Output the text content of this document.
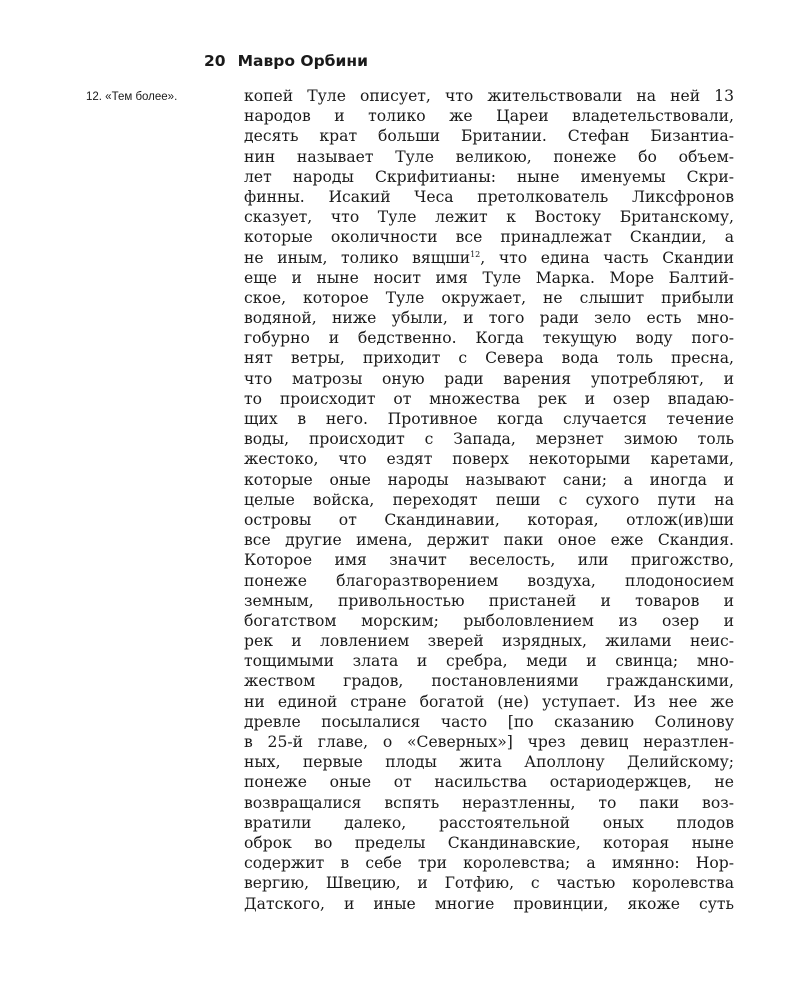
20 Мавро Орбини
12. «Тем более».	копей Туле описует, что жительствовали на ней 13
народов и толико же Цареи владетельствовали,
десять крат больши Британии. Стефан Бизантиа-
нин называет Туле великою, понеже бо объем-
лет народы Скрифитианы: ныне именуемы Скри-
финны. Исакий Чеса претолкователь Ликсфронов
сказует, что Туле лежит к Востоку Британскому,
которые околичности все принадлежат Скандии, а
не иным, толико вящши$^{12}$, что едина часть Скандии
еще и ныне носит имя Туле Марка. Море Балтий-
ское, которое Туле окружает, не слышит прибыли
водяной, ниже убыли, и того ради зело есть мно-
гобурно и бедственно. Когда текущую воду пого-
нят ветры, приходит с Севера вода толь пресна,
что матрозы оную ради варения употребляют, и
то происходит от множества рек и озер впадаю-
щих в него. Противное когда случается течение
воды, происходит с Запада, мерзнет зимою толь
жестоко, что ездят поверх некоторыми каретами,
которые оные народы называют сани; а иногда и
целые войска, переходят пеши с сухого пути на
островы от Скандинавии, которая, отлож(ив)ши
все другие имена, держит паки оное еже Скандия.
Которое имя значит веселость, или пригожство,
понеже благоразтворением воздуха, плодоносием
земным, привольностью пристаней и товаров и
богатством морским; рыболовлением из озер и
рек и ловлением зверей изрядных, жилами неис-
тощимыми злата и сребра, меди и свинца; мно-
жеством градов, постановлениями гражданскими,
ни единой стране богатой (не) уступает. Из нее же
древле посылалися часто [по сказанию Солинову
в 25-й главе, о «Северных»] чрез девиц неразтлен-
ных, первые плоды жита Аполлону Делийскому;
понеже оные от насильства остариодержцев, не
возвращалися вспять неразтленны, то паки воз-
вратили далеко, расстоятельной оных плодов
оброк во пределы Скандинавские, которая ныне
содержит в себе три королевства; а имянно: Нор-
вергию, Швецию, и Готфию, с частью королевства
Датского, и иные многие провинции, якоже суть
